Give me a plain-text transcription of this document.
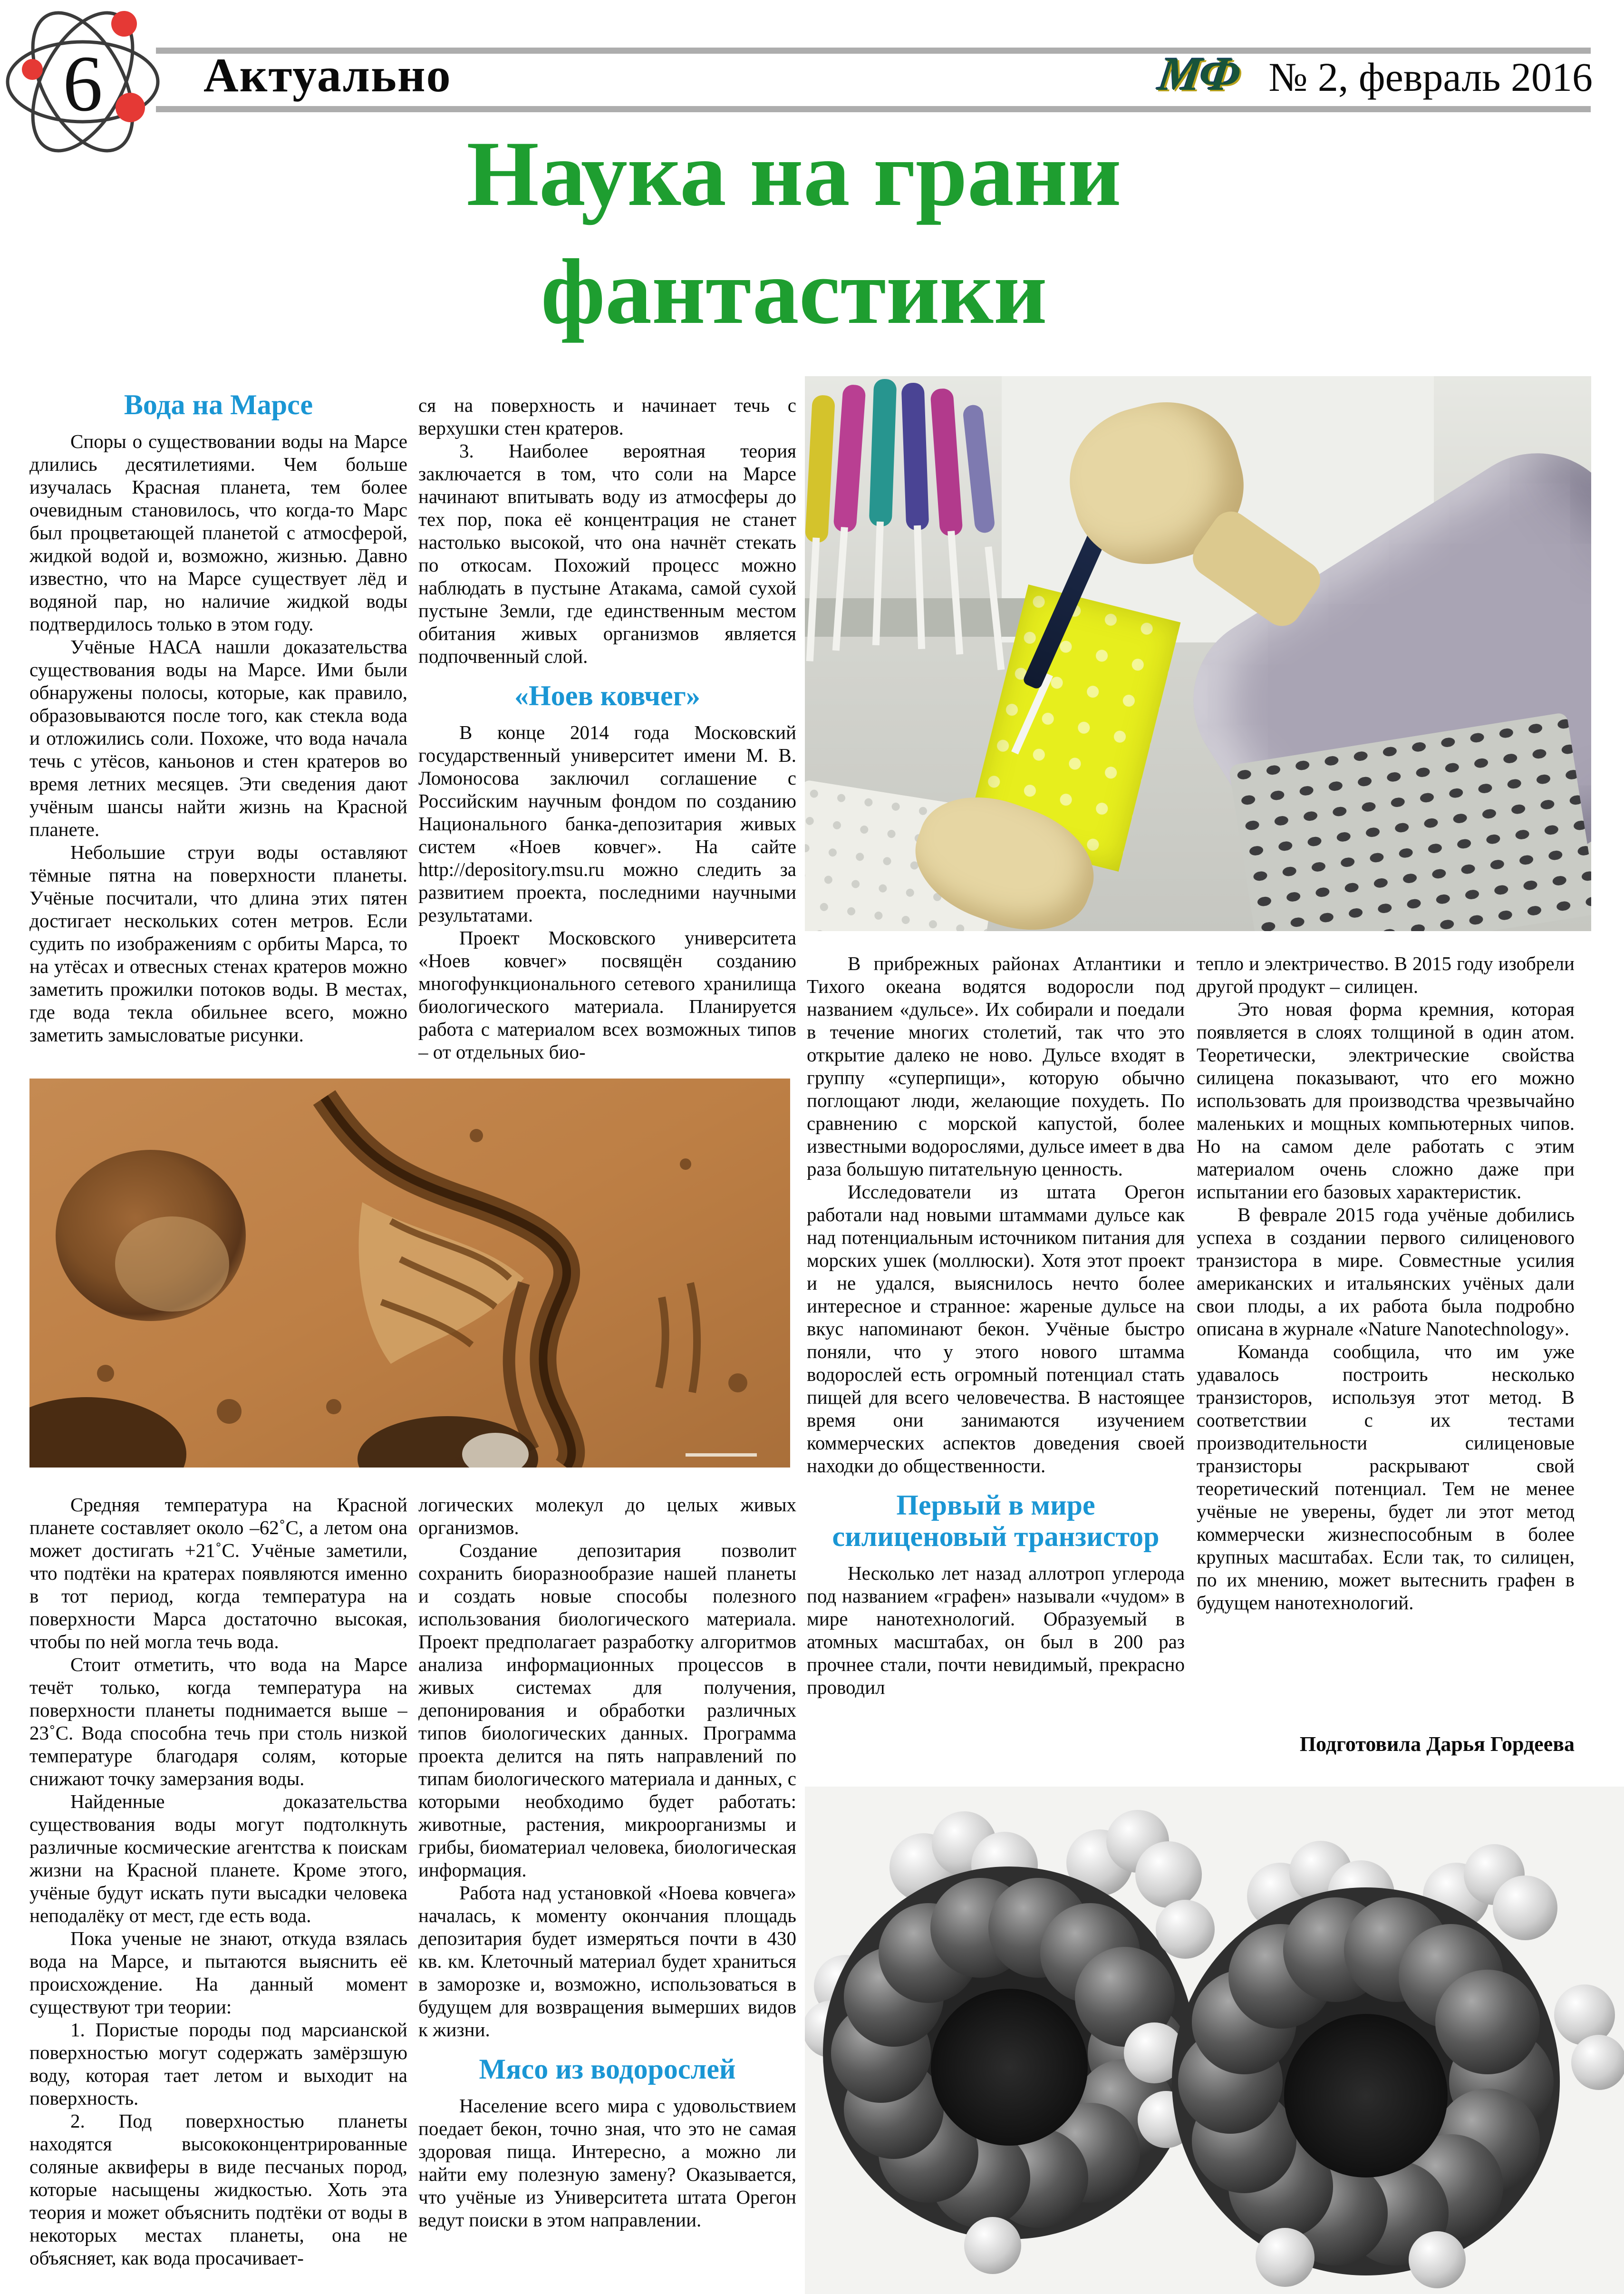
6 Актуально	МФ № 2, февраль 2016
Наука на грани
фантастики
Вода на Марсе

Споры о существовании воды на Марсе длились десятилетиями. Чем больше изучалась Красная планета, тем более очевидным становилось, что когда-то Марс был процветающей планетой с атмосферой, жидкой водой и, возможно, жизнью. Давно известно, что на Марсе существует лёд и водяной пар, но наличие жидкой воды подтвердилось только в этом году.

Учёные НАСА нашли доказательства существования воды на Марсе. Ими были обнаружены полосы, которые, как правило, образовываются после того, как стекла вода и отложились соли. Похоже, что вода начала течь с утёсов, каньонов и стен кратеров во время летних месяцев. Эти сведения дают учёным шансы найти жизнь на Красной планете.

Небольшие струи воды оставляют тёмные пятна на поверхности планеты. Учёные посчитали, что длина этих пятен достигает нескольких сотен метров. Если судить по изображениям с орбиты Марса, то на утёсах и отвесных стенах кратеров можно заметить прожилки потоков воды. В местах, где вода текла обильнее всего, можно заметить замысловатые рисунки.

ся на поверхность и начинает течь с верхушки стен кратеров.

3. Наиболее вероятная теория заключается в том, что соли на Марсе начинают впитывать воду из атмосферы до тех пор, пока её концентрация не станет настолько высокой, что она начнёт стекать по откосам. Похожий процесс можно наблюдать в пустыне Атакама, самой сухой пустыне Земли, где единственным местом обитания живых организмов является подпочвенный слой.

«Ноев ковчег»

В конце 2014 года Московский государственный университет имени М. В. Ломоносова заключил соглашение с Российским научным фондом по созданию Национального банка-депозитария живых систем «Ноев ковчег». На сайте http://depository.msu.ru можно следить за развитием проекта, последними научными результатами.

Проект Московского университета «Ноев ковчег» посвящён созданию многофункционального сетевого хранилища биологического материала. Планируется работа с материалом всех возможных типов – от отдельных био-

Средняя температура на Красной планете составляет около –62˚С, а летом она может достигать +21˚С. Учёные заметили, что подтёки на кратерах появляются именно в тот период, когда температура на поверхности Марса достаточно высокая, чтобы по ней могла течь вода.

Стоит отметить, что вода на Марсе течёт только, когда температура на поверхности планеты поднимается выше –23˚С. Вода способна течь при столь низкой температуре благодаря солям, которые снижают точку замерзания воды.

Найденные доказательства существования воды могут подтолкнуть различные космические агентства к поискам жизни на Красной планете. Кроме этого, учёные будут искать пути высадки человека неподалёку от мест, где есть вода.

Пока ученые не знают, откуда взялась вода на Марсе, и пытаются выяснить её происхождение. На данный момент существуют три теории:

1. Пористые породы под марсианской поверхностью могут содержать замёрзшую воду, которая тает летом и выходит на поверхность.

2. Под поверхностью планеты находятся высококонцентрированные соляные аквиферы в виде песчаных пород, которые насыщены жидкостью. Хоть эта теория и может объяснить подтёки от воды в некоторых местах планеты, она не объясняет, как вода просачивает-

логических молекул до целых живых организмов.

Создание депозитария позволит сохранить биоразнообразие нашей планеты и создать новые способы полезного использования биологического материала. Проект предполагает разработку алгоритмов анализа информационных процессов в живых системах для получения, депонирования и обработки различных типов биологических данных. Программа проекта делится на пять направлений по типам биологического материала и данных, с которыми необходимо будет работать: животные, растения, микроорганизмы и грибы, биоматериал человека, биологическая информация.

Работа над установкой «Ноева ковчега» началась, к моменту окончания площадь депозитария будет измеряться почти в 430 кв. км. Клеточный материал будет храниться в заморозке и, возможно, использоваться в будущем для возвращения вымерших видов к жизни.

Мясо из водорослей

Население всего мира с удовольствием поедает бекон, точно зная, что это не самая здоровая пища. Интересно, а можно ли найти ему полезную замену? Оказывается, что учёные из Университета штата Орегон ведут поиски в этом направлении.

В прибрежных районах Атлантики и Тихого океана водятся водоросли под названием «дульсе». Их собирали и поедали в течение многих столетий, так что это открытие далеко не ново. Дульсе входят в группу «суперпищи», которую обычно поглощают люди, желающие похудеть. По сравнению с морской капустой, более известными водорослями, дульсе имеет в два раза большую питательную ценность.

Исследователи из штата Орегон работали над новыми штаммами дульсе как над потенциальным источником питания для морских ушек (моллюски). Хотя этот проект и не удался, выяснилось нечто более интересное и странное: жареные дульсе на вкус напоминают бекон. Учёные быстро поняли, что у этого нового штамма водорослей есть огромный потенциал стать пищей для всего человечества. В настоящее время они занимаются изучением коммерческих аспектов доведения своей находки до общественности.

Первый в мире силиценовый транзистор

Несколько лет назад аллотроп углерода под названием «графен» называли «чудом» в мире нанотехнологий. Образуемый в атомных масштабах, он был в 200 раз прочнее стали, почти невидимый, прекрасно проводил

тепло и электричество. В 2015 году изобрели другой продукт – силицен.

Это новая форма кремния, которая появляется в слоях толщиной в один атом. Теоретически, электрические свойства силицена показывают, что его можно использовать для производства чрезвычайно маленьких и мощных компьютерных чипов. Но на самом деле работать с этим материалом очень сложно даже при испытании его базовых характеристик.

В феврале 2015 года учёные добились успеха в создании первого силиценового транзистора в мире. Совместные усилия американских и итальянских учёных дали свои плоды, а их работа была подробно описана в журнале «Nature Nanotechnology».

Команда сообщила, что им уже удавалось построить несколько транзисторов, используя этот метод. В соответствии с их тестами производительности силиценовые транзисторы раскрывают свой теоретический потенциал. Тем не менее учёные не уверены, будет ли этот метод коммерчески жизнеспособным в более крупных масштабах. Если так, то силицен, по их мнению, может вытеснить графен в будущем нанотехнологий.

Подготовила Дарья Гордеева
